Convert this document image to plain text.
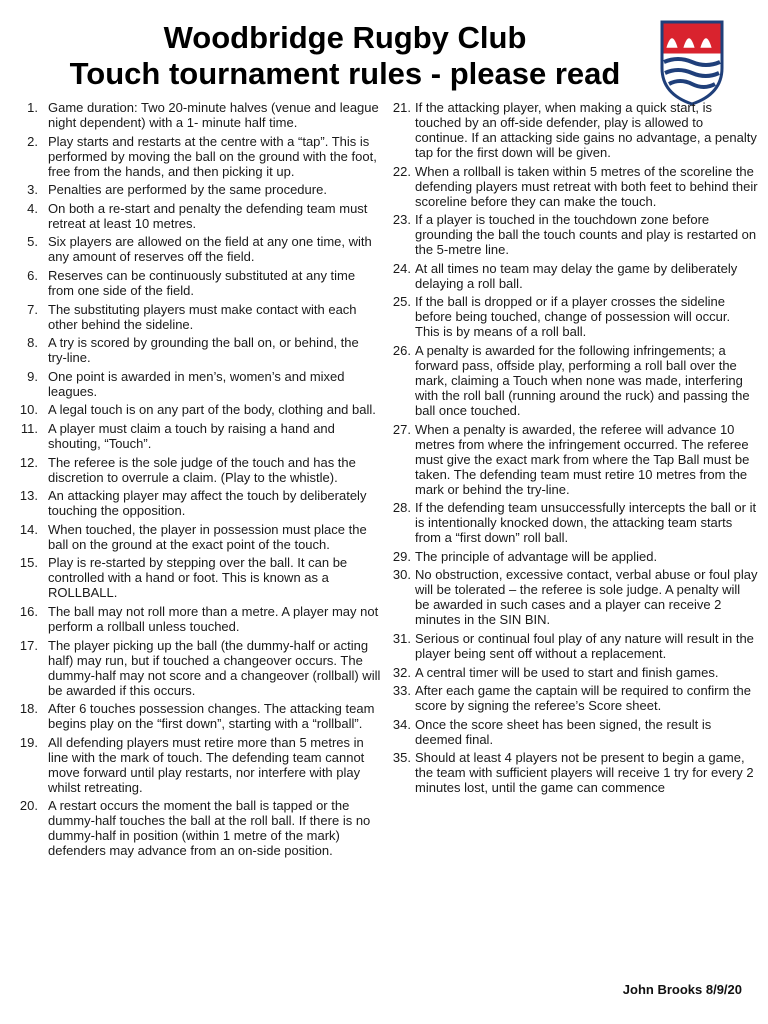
Woodbridge Rugby Club
Touch tournament rules - please read
1. Game duration: Two 20-minute halves (venue and league night dependent) with a 1- minute half time.
2. Play starts and restarts at the centre with a “tap”. This is performed by moving the ball on the ground with the foot, free from the hands, and then picking it up.
3. Penalties are performed by the same procedure.
4. On both a re-start and penalty the defending team must retreat at least 10 metres.
5. Six players are allowed on the field at any one time, with any amount of reserves off the field.
6. Reserves can be continuously substituted at any time from one side of the field.
7. The substituting players must make contact with each other behind the sideline.
8. A try is scored by grounding the ball on, or behind, the try-line.
9. One point is awarded in men’s, women’s and mixed leagues.
10. A legal touch is on any part of the body, clothing and ball.
11. A player must claim a touch by raising a hand and shouting, “Touch”.
12. The referee is the sole judge of the touch and has the discretion to overrule a claim. (Play to the whistle).
13. An attacking player may affect the touch by deliberately touching the opposition.
14. When touched, the player in possession must place the ball on the ground at the exact point of the touch.
15. Play is re-started by stepping over the ball. It can be controlled with a hand or foot. This is known as a ROLLBALL.
16. The ball may not roll more than a metre. A player may not perform a rollball unless touched.
17. The player picking up the ball (the dummy-half or acting half) may run, but if touched a changeover occurs. The dummy-half may not score and a changeover (rollball) will be awarded if this occurs.
18. After 6 touches possession changes. The attacking team begins play on the “first down”, starting with a “rollball”.
19. All defending players must retire more than 5 metres in line with the mark of touch. The defending team cannot move forward until play restarts, nor interfere with play whilst retreating.
20. A restart occurs the moment the ball is tapped or the dummy-half touches the ball at the roll ball. If there is no dummy-half in position (within 1 metre of the mark) defenders may advance from an on-side position.
21. If the attacking player, when making a quick start, is touched by an off-side defender, play is allowed to continue. If an attacking side gains no advantage, a penalty tap for the first down will be given.
22. When a rollball is taken within 5 metres of the scoreline the defending players must retreat with both feet to behind their scoreline before they can make the touch.
23. If a player is touched in the touchdown zone before grounding the ball the touch counts and play is restarted on the 5-metre line.
24. At all times no team may delay the game by deliberately delaying a roll ball.
25. If the ball is dropped or if a player crosses the sideline before being touched, change of possession will occur. This is by means of a roll ball.
26. A penalty is awarded for the following infringements; a forward pass, offside play, performing a roll ball over the mark, claiming a Touch when none was made, interfering with the roll ball (running around the ruck) and passing the ball once touched.
27. When a penalty is awarded, the referee will advance 10 metres from where the infringement occurred. The referee must give the exact mark from where the Tap Ball must be taken. The defending team must retire 10 metres from the mark or behind the try-line.
28. If the defending team unsuccessfully intercepts the ball or it is intentionally knocked down, the attacking team starts from a “first down” roll ball.
29. The principle of advantage will be applied.
30. No obstruction, excessive contact, verbal abuse or foul play will be tolerated – the referee is sole judge. A penalty will be awarded in such cases and a player can receive 2 minutes in the SIN BIN.
31. Serious or continual foul play of any nature will result in the player being sent off without a replacement.
32. A central timer will be used to start and finish games.
33. After each game the captain will be required to confirm the score by signing the referee’s Score sheet.
34. Once the score sheet has been signed, the result is deemed final.
35. Should at least 4 players not be present to begin a game, the team with sufficient players will receive 1 try for every 2 minutes lost, until the game can commence
John Brooks 8/9/20
